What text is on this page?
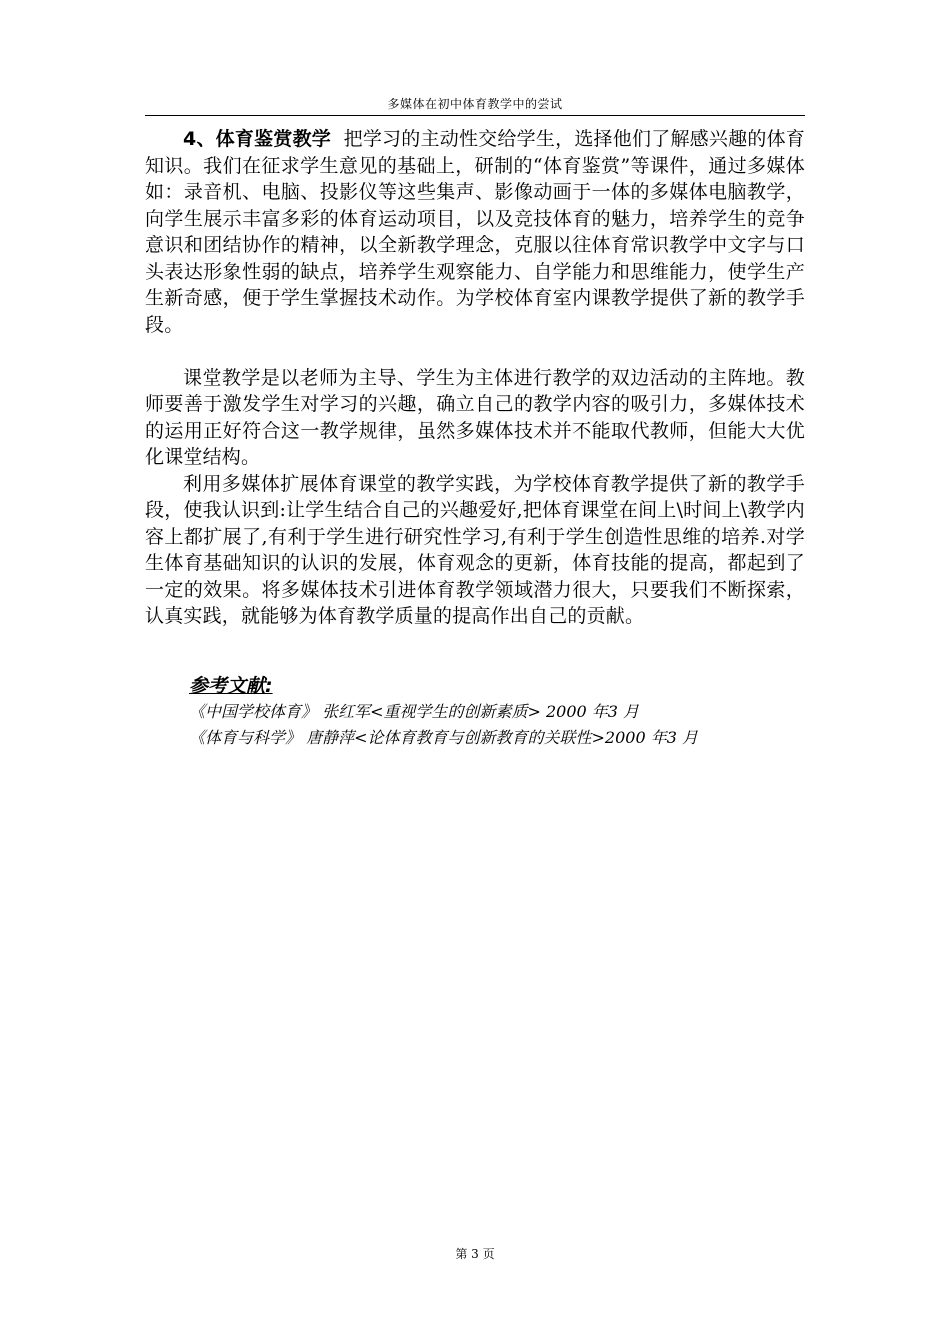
多媒体在初中体育教学中的尝试

4、体育鉴赏教学 把学习的主动性交给学生，选择他们了解感兴趣的体育知识。我们在征求学生意见的基础上，研制的“体育鉴赏”等课件，通过多媒体如：录音机、电脑、投影仪等这些集声、影像动画于一体的多媒体电脑教学，向学生展示丰富多彩的体育运动项目，以及竞技体育的魅力，培养学生的竞争意识和团结协作的精神，以全新教学理念，克服以往体育常识教学中文字与口头表达形象性弱的缺点，培养学生观察能力、自学能力和思维能力，使学生产生新奇感，便于学生掌握技术动作。为学校体育室内课教学提供了新的教学手段。

课堂教学是以老师为主导、学生为主体进行教学的双边活动的主阵地。教师要善于激发学生对学习的兴趣，确立自己的教学内容的吸引力，多媒体技术的运用正好符合这一教学规律，虽然多媒体技术并不能取代教师，但能大大优化课堂结构。

利用多媒体扩展体育课堂的教学实践，为学校体育教学提供了新的教学手段，使我认识到:让学生结合自己的兴趣爱好,把体育课堂在间上\时间上\教学内容上都扩展了,有利于学生进行研究性学习,有利于学生创造性思维的培养.对学生体育基础知识的认识的发展，体育观念的更新，体育技能的提高，都起到了一定的效果。将多媒体技术引进体育教学领域潜力很大，只要我们不断探索，认真实践，就能够为体育教学质量的提高作出自己的贡献。

参考文献:
《中国学校体育》 张红军<重视学生的创新素质> 2000 年3 月
《体育与科学》 唐静萍<论体育教育与创新教育的关联性>2000 年3 月
第 3 页
